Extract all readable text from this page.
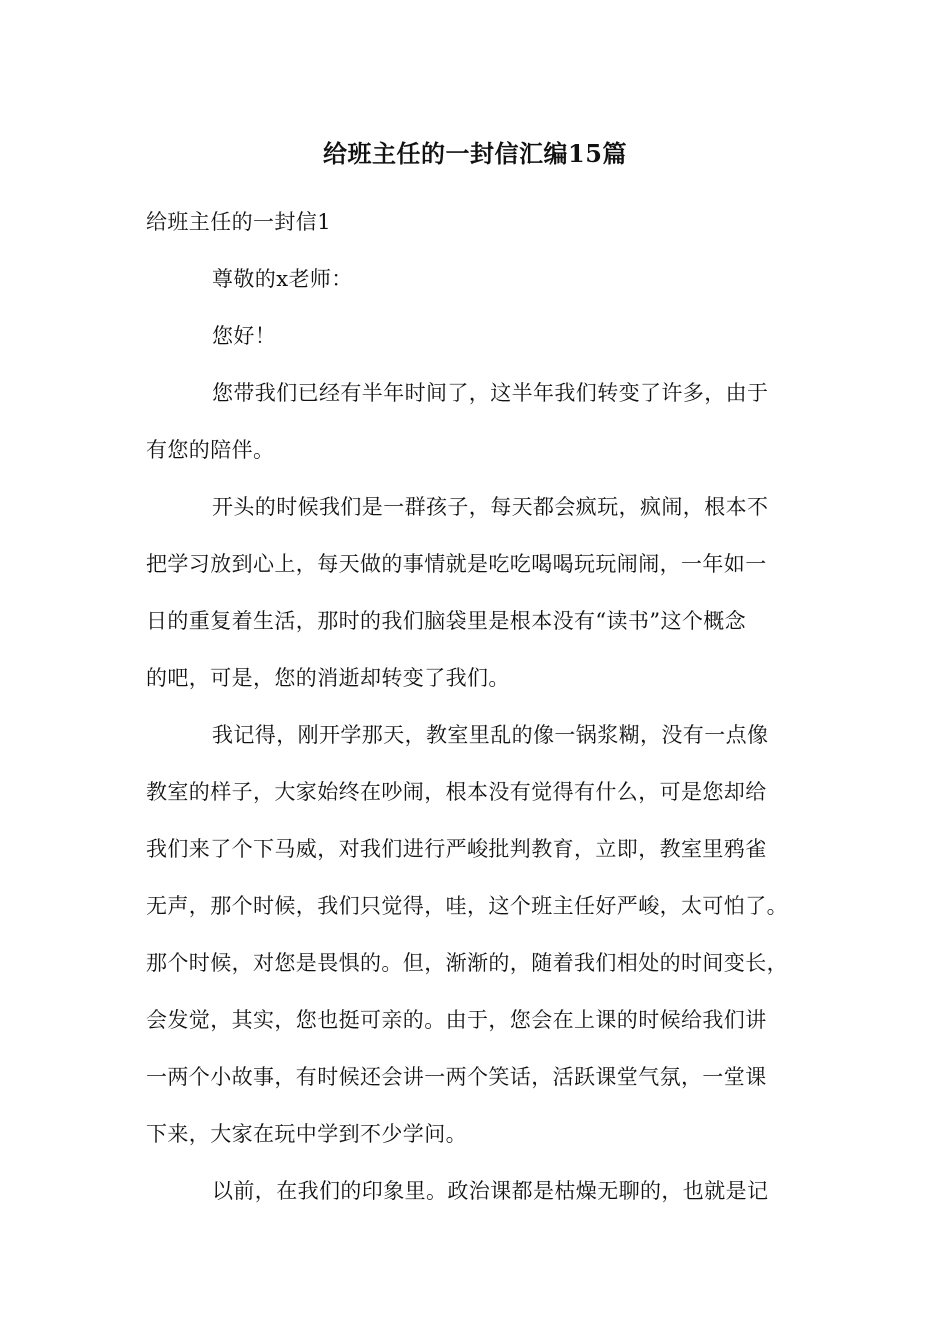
给班主任的一封信汇编15篇
给班主任的一封信1
尊敬的x老师：
您好！
您带我们已经有半年时间了，这半年我们转变了许多，由于
有您的陪伴。
开头的时候我们是一群孩子，每天都会疯玩，疯闹，根本不
把学习放到心上，每天做的事情就是吃吃喝喝玩玩闹闹，一年如一
日的重复着生活，那时的我们脑袋里是根本没有“读书”这个概念
的吧，可是，您的消逝却转变了我们。
我记得，刚开学那天，教室里乱的像一锅浆糊，没有一点像
教室的样子，大家始终在吵闹，根本没有觉得有什么，可是您却给
我们来了个下马威，对我们进行严峻批判教育，立即，教室里鸦雀
无声，那个时候，我们只觉得，哇，这个班主任好严峻，太可怕了。
那个时候，对您是畏惧的。但，渐渐的，随着我们相处的时间变长，
会发觉，其实，您也挺可亲的。由于，您会在上课的时候给我们讲
一两个小故事，有时候还会讲一两个笑话，活跃课堂气氛，一堂课
下来，大家在玩中学到不少学问。
以前，在我们的印象里。政治课都是枯燥无聊的，也就是记
